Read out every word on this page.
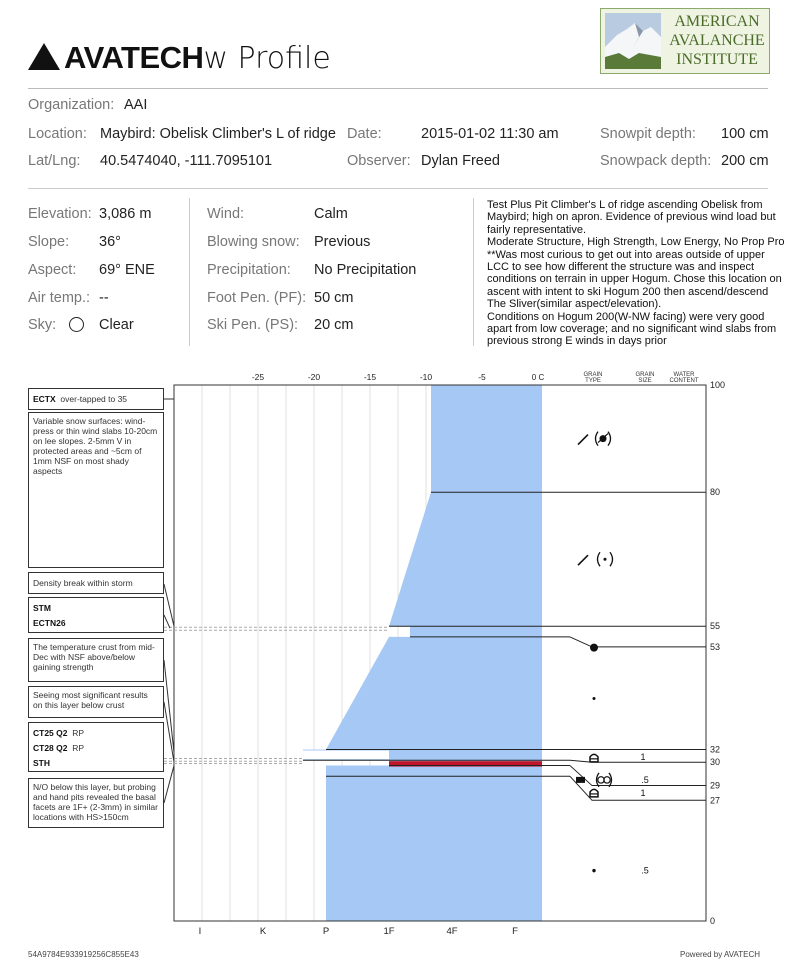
AVATECHw Profile
AMERICAN
AVALANCHE
INSTITUTE
Organization: AAI
Location: Maybird: Obelisk Climber's L of ridge Date:	2015-01-02 11:30 am	Snowpit depth: 100 cm
Lat/Lng: 40.5474040, -111.7095101	Observer: Dylan Freed	Snowpack depth: 200 cm
Elevation: 3,086 m
Slope: 36°
Aspect: 69° ENE
Air temp.: --
Sky:	Clear
Wind:	Calm
Blowing snow: Previous
Precipitation: No Precipitation
Foot Pen. (PF): 50 cm
Ski Pen. (PS): 20 cm
Test Plus Pit Climber's L of ridge ascending Obelisk from Maybird; high on apron. Evidence of previous wind load but fairly representative.
Moderate Structure, High Strength, Low Energy, No Prop Pro
**Was most curious to get out into areas outside of upper LCC to see how different the structure was and inspect conditions on terrain in upper Hogum. Chose this location on ascent with intent to ski Hogum 200 then ascend/descend The Sliver(similar aspect/elevation).
Conditions on Hogum 200(W-NW facing) were very good apart from low coverage; and no significant wind slabs from previous strong E winds in days prior
ECTX over-tapped to 35
Variable snow surfaces: wind-press or thin wind slabs 10-20cm on lee slopes. 2-5mm V in protected areas and ~5cm of 1mm NSF on most shady aspects
Density break within storm
STM
ECTN26
The temperature crust from mid-Dec with NSF above/below gaining strength
Seeing most significant results on this layer below crust
CT25 Q2 RP
CT28 Q2 RP
STH
N/O below this layer, but probing and hand pits revealed the basal facets are 1F+ (2-3mm) in similar locations with HS>150cm
0
27
29
30
32
53
55
80
100
-25	-20	-15	-10	-5	0 C	GRAIN
TYPE
GRAIN
SIZE
WATER
CONTENT
I	K	P	1F	4F	F
1
.5
1
.5
54A9784E933919256C855E43	Powered by AVATECH
